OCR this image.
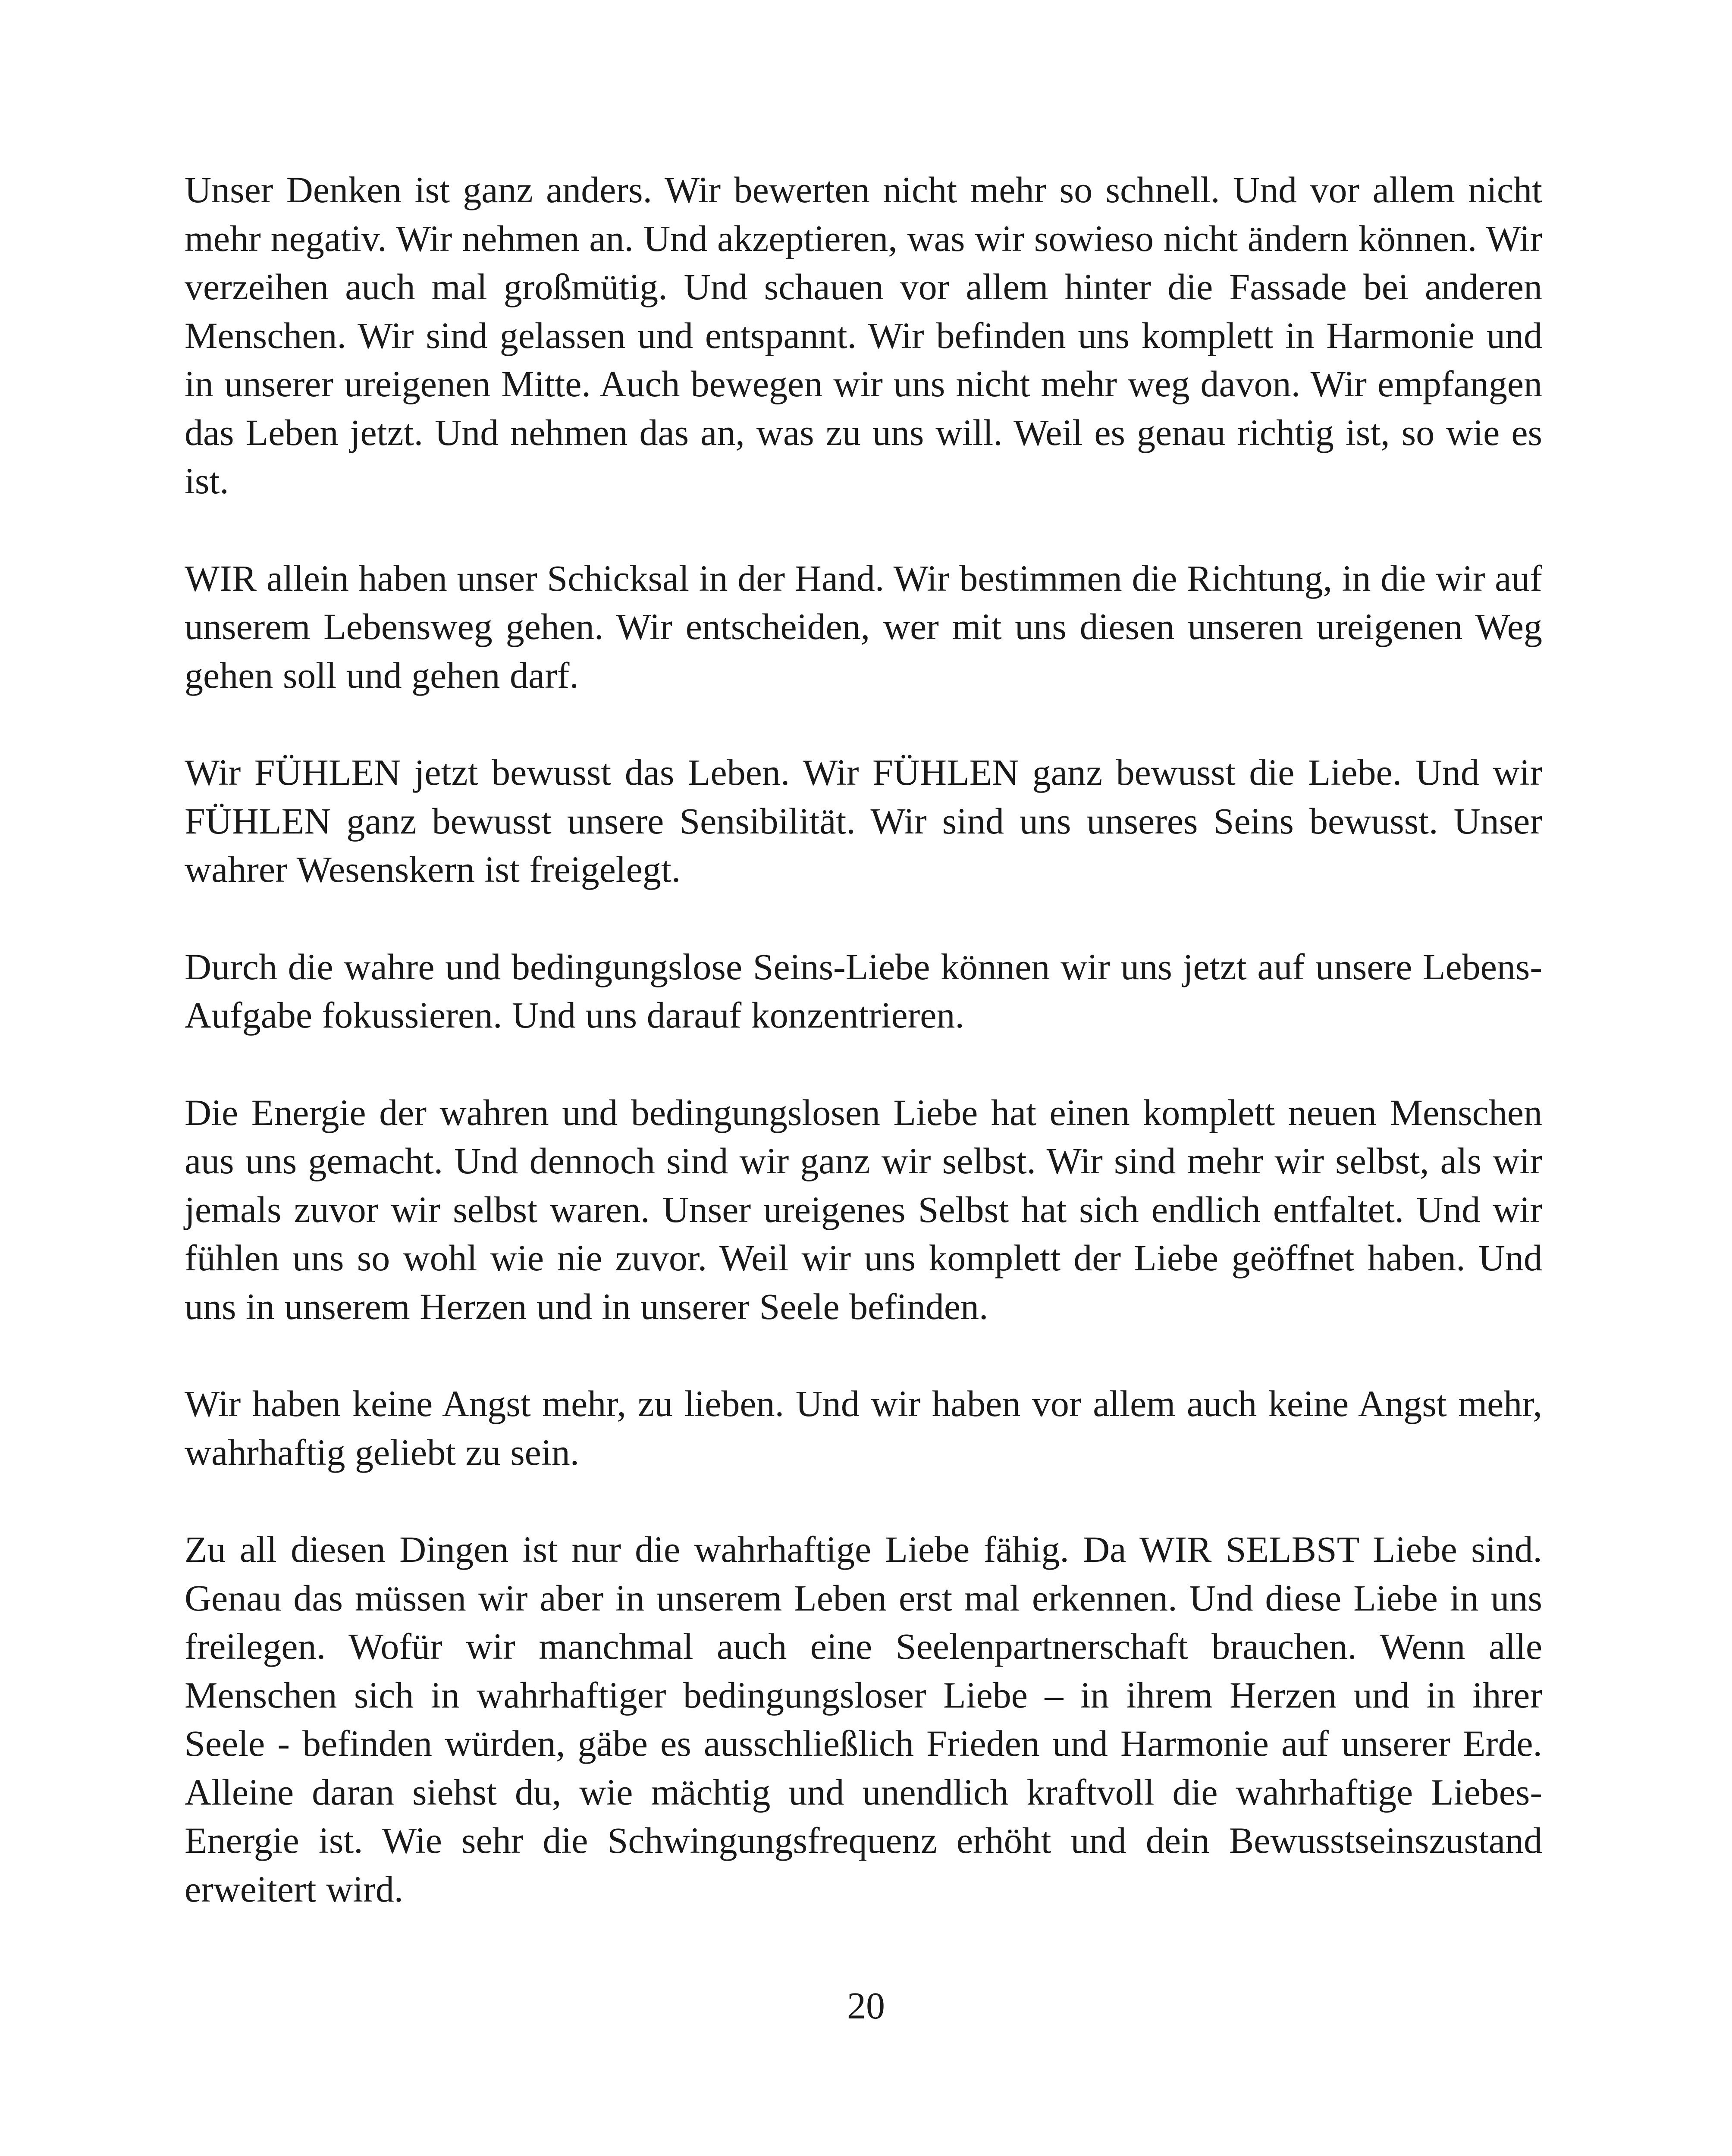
Unser Denken ist ganz anders. Wir bewerten nicht mehr so schnell. Und vor allem nicht mehr negativ. Wir nehmen an. Und akzeptieren, was wir sowieso nicht ändern können. Wir verzeihen auch mal großmütig. Und schauen vor allem hinter die Fassade bei anderen Menschen. Wir sind gelassen und entspannt. Wir befinden uns komplett in Harmonie und in unserer ureigenen Mitte. Auch bewegen wir uns nicht mehr weg davon. Wir empfangen das Leben jetzt. Und nehmen das an, was zu uns will. Weil es genau richtig ist, so wie es ist.

WIR allein haben unser Schicksal in der Hand. Wir bestimmen die Richtung, in die wir auf unserem Lebensweg gehen. Wir entscheiden, wer mit uns diesen unseren ureigenen Weg gehen soll und gehen darf.

Wir FÜHLEN jetzt bewusst das Leben. Wir FÜHLEN ganz bewusst die Liebe. Und wir FÜHLEN ganz bewusst unsere Sensibilität. Wir sind uns unseres Seins bewusst. Unser wahrer Wesenskern ist freigelegt.

Durch die wahre und bedingungslose Seins-Liebe können wir uns jetzt auf unsere Lebens-Aufgabe fokussieren. Und uns darauf konzentrieren.

Die Energie der wahren und bedingungslosen Liebe hat einen komplett neuen Menschen aus uns gemacht. Und dennoch sind wir ganz wir selbst. Wir sind mehr wir selbst, als wir jemals zuvor wir selbst waren. Unser ureigenes Selbst hat sich endlich entfaltet. Und wir fühlen uns so wohl wie nie zuvor. Weil wir uns komplett der Liebe geöffnet haben. Und uns in unserem Herzen und in unserer Seele befinden.

Wir haben keine Angst mehr, zu lieben. Und wir haben vor allem auch keine Angst mehr, wahrhaftig geliebt zu sein.

Zu all diesen Dingen ist nur die wahrhaftige Liebe fähig. Da WIR SELBST Liebe sind. Genau das müssen wir aber in unserem Leben erst mal erkennen. Und diese Liebe in uns freilegen. Wofür wir manchmal auch eine Seelenpartnerschaft brauchen. Wenn alle Menschen sich in wahrhaftiger bedingungsloser Liebe – in ihrem Herzen und in ihrer Seele - befinden würden, gäbe es ausschließlich Frieden und Harmonie auf unserer Erde. Alleine daran siehst du, wie mächtig und unendlich kraftvoll die wahrhaftige Liebes-Energie ist. Wie sehr die Schwingungsfrequenz erhöht und dein Bewusstseinszustand erweitert wird.

20
